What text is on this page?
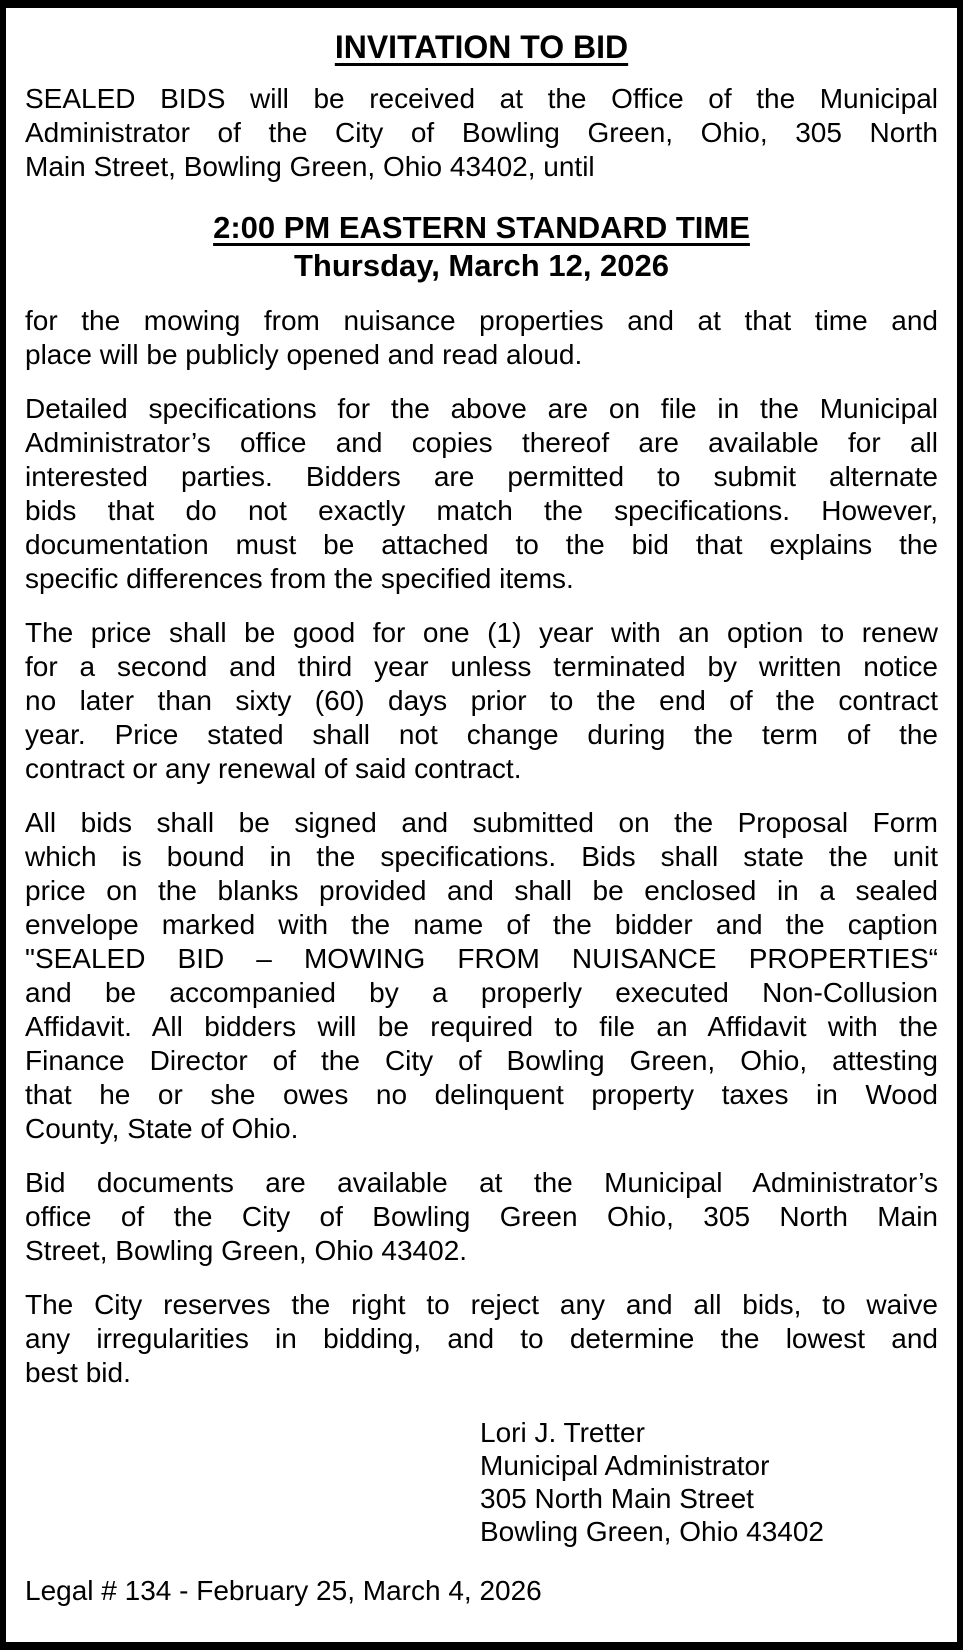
INVITATION TO BID
SEALED BIDS will be received at the Office of the Municipal
Administrator of the City of Bowling Green, Ohio, 305 North
Main Street, Bowling Green, Ohio 43402, until
2:00 PM EASTERN STANDARD TIME
Thursday, March 12, 2026
for the mowing from nuisance properties and at that time and
place will be publicly opened and read aloud.
Detailed specifications for the above are on file in the Municipal
Administrator’s office and copies thereof are available for all
interested parties. Bidders are permitted to submit alternate
bids that do not exactly match the specifications. However,
documentation must be attached to the bid that explains the
specific differences from the specified items.
The price shall be good for one (1) year with an option to renew
for a second and third year unless terminated by written notice
no later than sixty (60) days prior to the end of the contract
year. Price stated shall not change during the term of the
contract or any renewal of said contract.
All bids shall be signed and submitted on the Proposal Form
which is bound in the specifications. Bids shall state the unit
price on the blanks provided and shall be enclosed in a sealed
envelope marked with the name of the bidder and the caption
"SEALED BID – MOWING FROM NUISANCE PROPERTIES“
and be accompanied by a properly executed Non-Collusion
Affidavit. All bidders will be required to file an Affidavit with the
Finance Director of the City of Bowling Green, Ohio, attesting
that he or she owes no delinquent property taxes in Wood
County, State of Ohio.
Bid documents are available at the Municipal Administrator’s
office of the City of Bowling Green Ohio, 305 North Main
Street, Bowling Green, Ohio 43402.
The City reserves the right to reject any and all bids, to waive
any irregularities in bidding, and to determine the lowest and
best bid.
Lori J. Tretter
Municipal Administrator
305 North Main Street
Bowling Green, Ohio 43402
Legal # 134 - February 25, March 4, 2026
